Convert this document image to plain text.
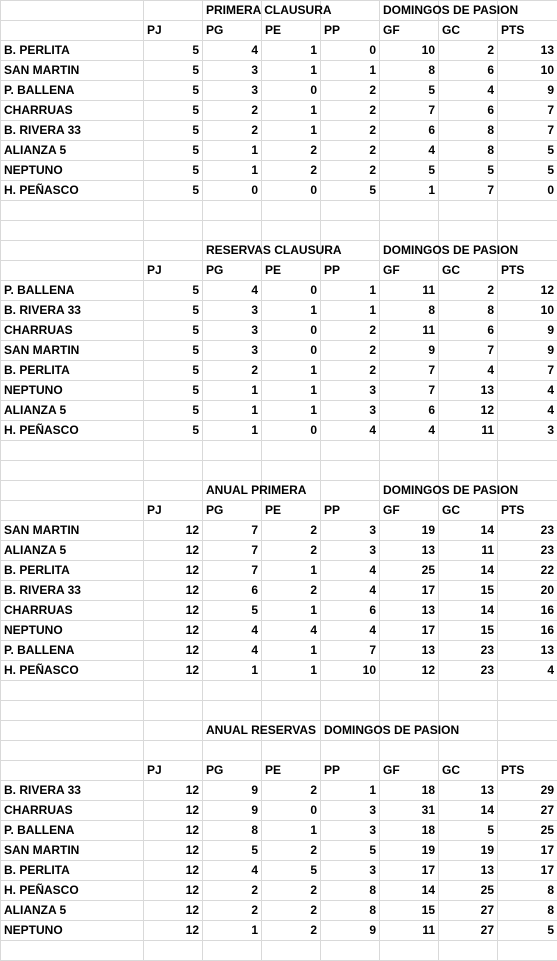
		PRIMERA CLAUSURA			DOMINGOS DE PASION		
	PJ	PG	PE	PP	GF	GC	PTS
B. PERLITA	5	4	1	0	10	2	13
SAN MARTIN	5	3	1	1	8	6	10
P. BALLENA	5	3	0	2	5	4	9
CHARRUAS	5	2	1	2	7	6	7
B. RIVERA 33	5	2	1	2	6	8	7
ALIANZA 5	5	1	2	2	4	8	5
NEPTUNO	5	1	2	2	5	5	5
H. PEÑASCO	5	0	0	5	1	7	0

		RESERVAS CLAUSURA			DOMINGOS DE PASION		
	PJ	PG	PE	PP	GF	GC	PTS
P. BALLENA	5	4	0	1	11	2	12
B. RIVERA 33	5	3	1	1	8	8	10
CHARRUAS	5	3	0	2	11	6	9
SAN MARTIN	5	3	0	2	9	7	9
B. PERLITA	5	2	1	2	7	4	7
NEPTUNO	5	1	1	3	7	13	4
ALIANZA 5	5	1	1	3	6	12	4
H. PEÑASCO	5	1	0	4	4	11	3

		ANUAL PRIMERA			DOMINGOS DE PASION		
	PJ	PG	PE	PP	GF	GC	PTS
SAN MARTIN	12	7	2	3	19	14	23
ALIANZA 5	12	7	2	3	13	11	23
B. PERLITA	12	7	1	4	25	14	22
B. RIVERA 33	12	6	2	4	17	15	20
CHARRUAS	12	5	1	6	13	14	16
NEPTUNO	12	4	4	4	17	15	16
P. BALLENA	12	4	1	7	13	23	13
H. PEÑASCO	12	1	1	10	12	23	4

		ANUAL RESERVAS		DOMINGOS DE PASION			

	PJ	PG	PE	PP	GF	GC	PTS
B. RIVERA 33	12	9	2	1	18	13	29
CHARRUAS	12	9	0	3	31	14	27
P. BALLENA	12	8	1	3	18	5	25
SAN MARTIN	12	5	2	5	19	19	17
B. PERLITA	12	4	5	3	17	13	17
H. PEÑASCO	12	2	2	8	14	25	8
ALIANZA 5	12	2	2	8	15	27	8
NEPTUNO	12	1	2	9	11	27	5
